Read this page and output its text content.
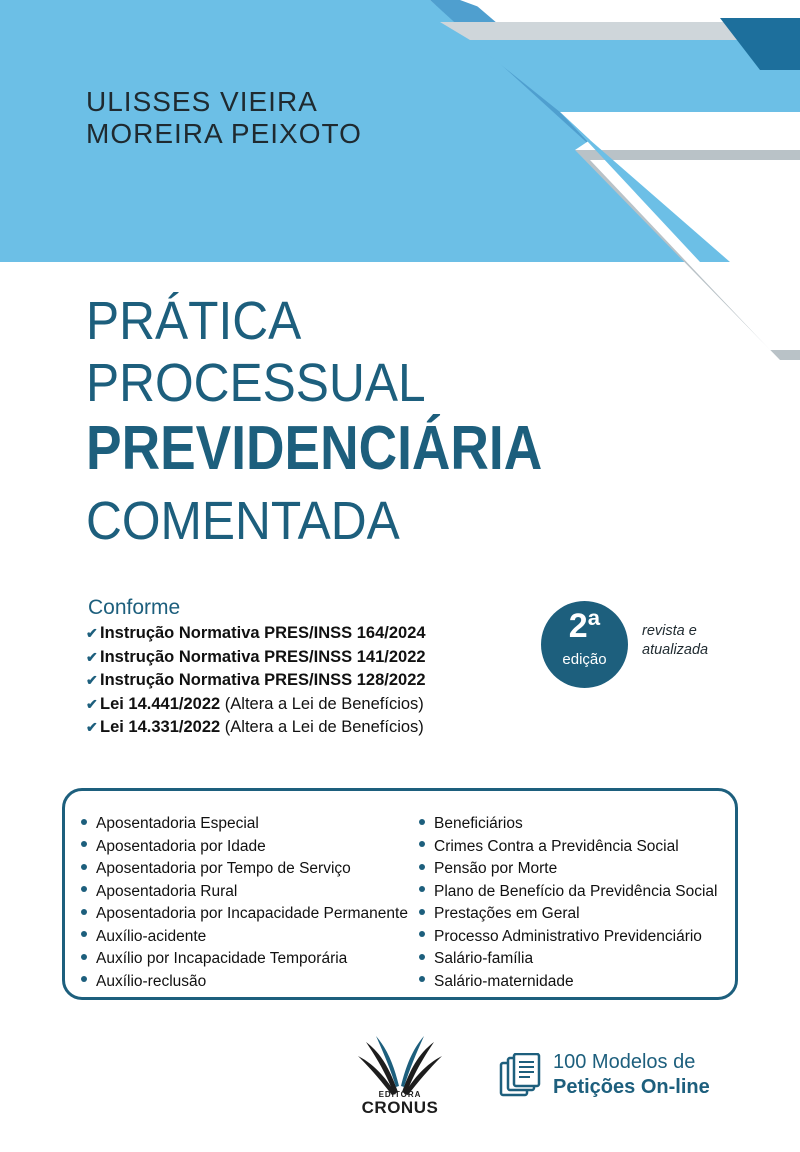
ULISSES VIEIRA
MOREIRA PEIXOTO
PRÁTICA
PROCESSUAL
PREVIDENCIÁRIA
COMENTADA
Conforme
✔ Instrução Normativa PRES/INSS 164/2024
✔ Instrução Normativa PRES/INSS 141/2022
✔ Instrução Normativa PRES/INSS 128/2022
✔ Lei 14.441/2022 (Altera a Lei de Benefícios)
✔ Lei 14.331/2022 (Altera a Lei de Benefícios)
2ª
edição
revista e
atualizada
Aposentadoria Especial
Aposentadoria por Idade
Aposentadoria por Tempo de Serviço
Aposentadoria Rural
Aposentadoria por Incapacidade Permanente
Auxílio-acidente
Auxílio por Incapacidade Temporária
Auxílio-reclusão
Beneficiários
Crimes Contra a Previdência Social
Pensão por Morte
Plano de Benefício da Previdência Social
Prestações em Geral
Processo Administrativo Previdenciário
Salário-família
Salário-maternidade
EDITORA
CRONUS
100 Modelos de
Petições On-line
